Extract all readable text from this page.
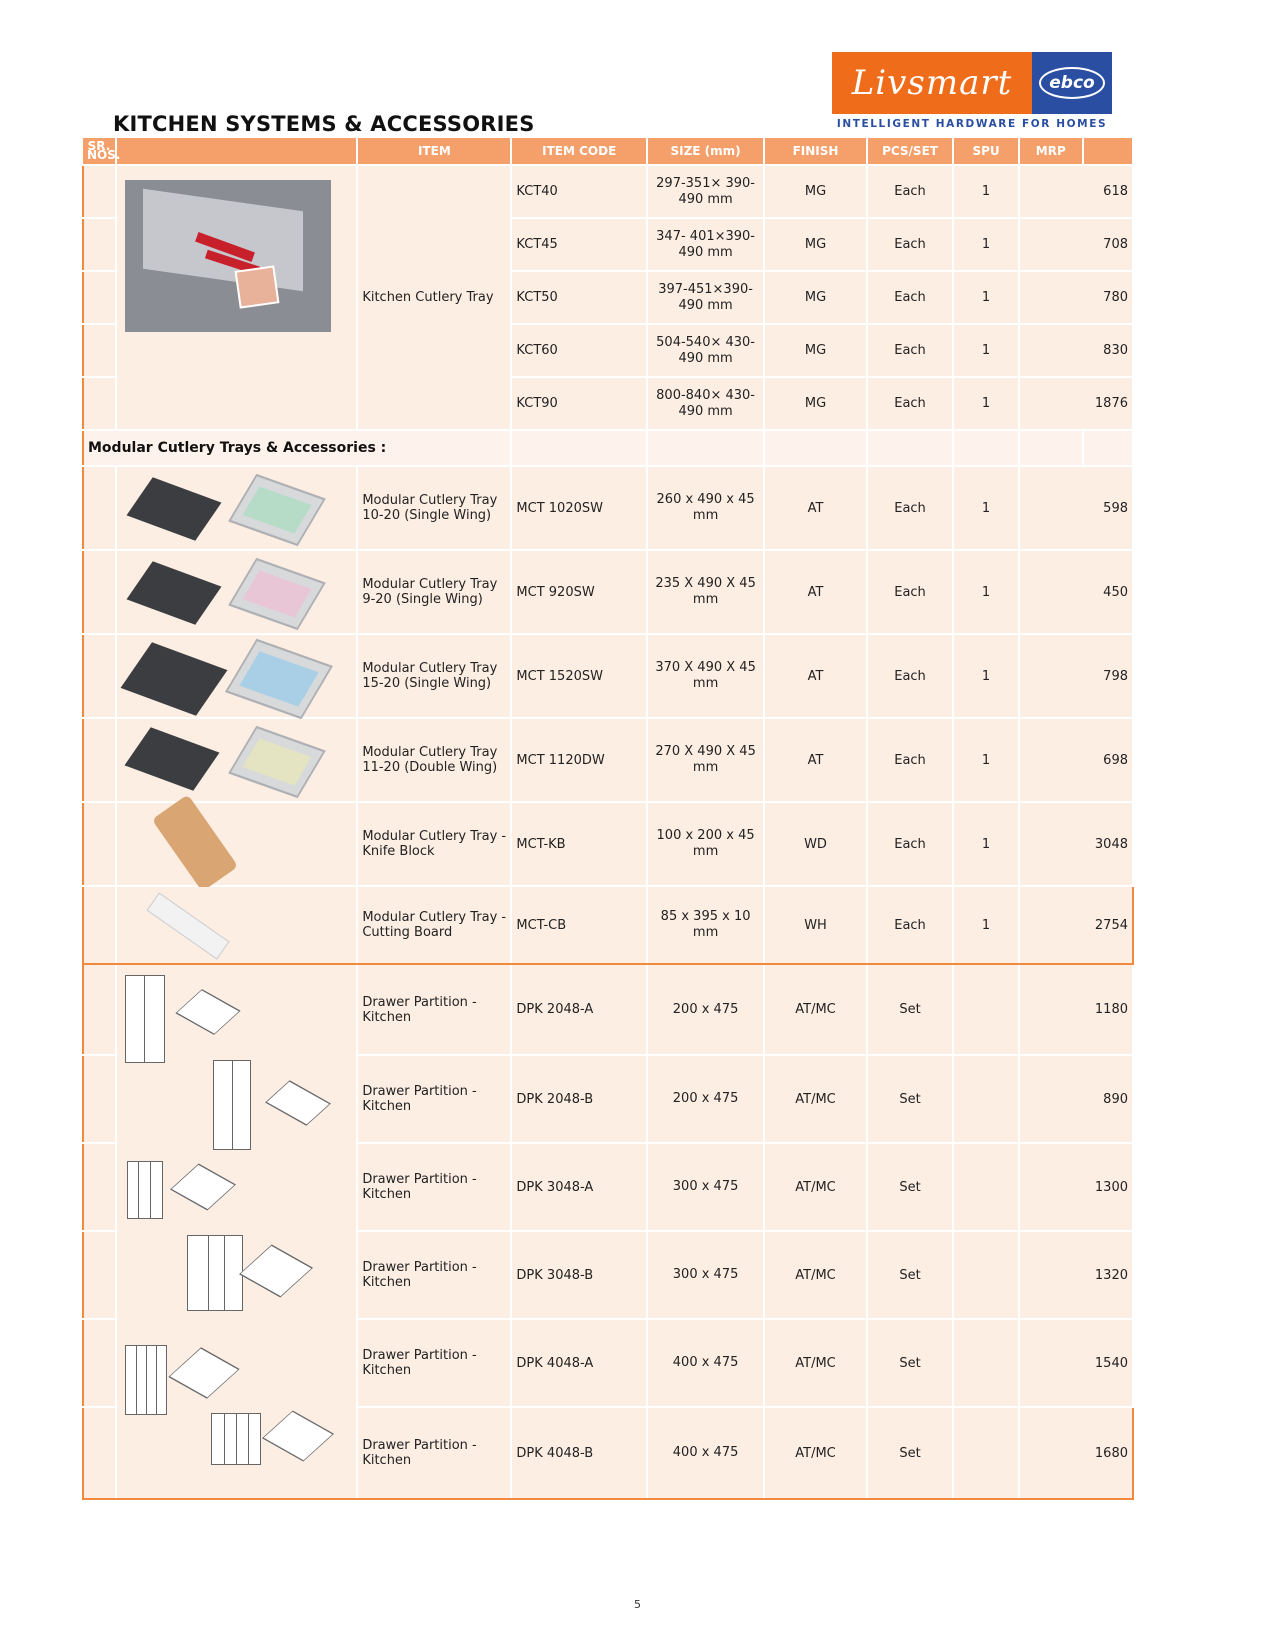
KITCHEN SYSTEMS & ACCESSORIES
Livsmart	ebco
INTELLIGENT HARDWARE FOR HOMES
SR. NOS.		ITEM	ITEM CODE	SIZE (mm)	FINISH	PCS/SET	SPU	MRP	

	Kitchen Cutlery Tray	KCT40	297-351× 390-490 mm	MG	Each	1	618	
			KCT45	347- 401×390-490 mm	MG	Each	1	708	
			KCT50	397-451×390-490 mm	MG	Each	1	780	
			KCT60	504-540× 430-490 mm	MG	Each	1	830	
			KCT90	800-840× 430-490 mm	MG	Each	1	1876	
Modular Cutlery Trays & Accessories :									

	Modular Cutlery Tray 10-20 (Single Wing)	MCT 1020SW	260 x 490 x 45 mm	AT	Each	1	598	

	Modular Cutlery Tray 9-20 (Single Wing)	MCT 920SW	235 X 490 X 45 mm	AT	Each	1	450	

	Modular Cutlery Tray 15-20 (Single Wing)	MCT 1520SW	370 X 490 X 45 mm	AT	Each	1	798	

	Modular Cutlery Tray 11-20 (Double Wing)	MCT 1120DW	270 X 490 X 45 mm	AT	Each	1	698	

	Modular Cutlery Tray - Knife Block	MCT-KB	100 x 200 x 45 mm	WD	Each	1	3048	

	Modular Cutlery Tray - Cutting Board	MCT-CB	85 x 395 x 10 mm	WH	Each	1	2754	

	Drawer Partition - Kitchen	DPK 2048-A	200 x 475	AT/MC	Set		1180	
		Drawer Partition - Kitchen	DPK 2048-B	200 x 475	AT/MC	Set		890	
		Drawer Partition - Kitchen	DPK 3048-A	300 x 475	AT/MC	Set		1300	
		Drawer Partition - Kitchen	DPK 3048-B	300 x 475	AT/MC	Set		1320	
		Drawer Partition - Kitchen	DPK 4048-A	400 x 475	AT/MC	Set		1540	
		Drawer Partition - Kitchen	DPK 4048-B	400 x 475	AT/MC	Set		1680	
5
